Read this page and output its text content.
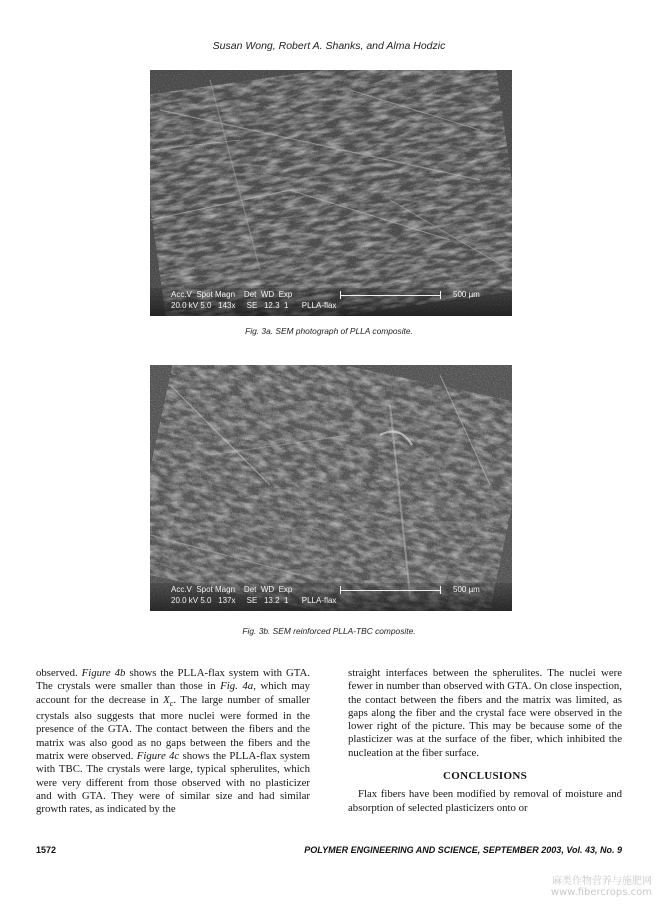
Susan Wong, Robert A. Shanks, and Alma Hodzic
Acc.V  Spot Magn    Det  WD  Exp
20.0 kV 5.0   143x     SE   12.3  1      PLLA-flax
500 µm
Fig. 3a. SEM photograph of PLLA composite.
Acc.V  Spot Magn    Det  WD  Exp
20.0 kV 5.0   137x     SE   13.2  1      PLLA-flax
500 µm
Fig. 3b. SEM reinforced PLLA-TBC composite.

observed. Figure 4b shows the PLLA-flax system with GTA. The crystals were smaller than those in Fig. 4a, which may account for the decrease in $X_c$. The large number of smaller crystals also suggests that more nuclei were formed in the presence of the GTA. The contact between the fibers and the matrix was also good as no gaps between the fibers and the matrix were observed. Figure 4c shows the PLLA-flax system with TBC. The crystals were large, typical spherulites, which were very different from those observed with no plasticizer and with GTA. They were of similar size and had similar growth rates, as indicated by the

straight interfaces between the spherulites. The nuclei were fewer in number than observed with GTA. On close inspection, the contact between the fibers and the matrix was limited, as gaps along the fiber and the crystal face were observed in the lower right of the picture. This may be because some of the plasticizer was at the surface of the fiber, which inhibited the nucleation at the fiber surface.

CONCLUSIONS

Flax fibers have been modified by removal of moisture and absorption of selected plasticizers onto or

1572	POLYMER ENGINEERING AND SCIENCE, SEPTEMBER 2003, Vol. 43, No. 9
麻类作物营养与施肥网
www.fibercrops.com
